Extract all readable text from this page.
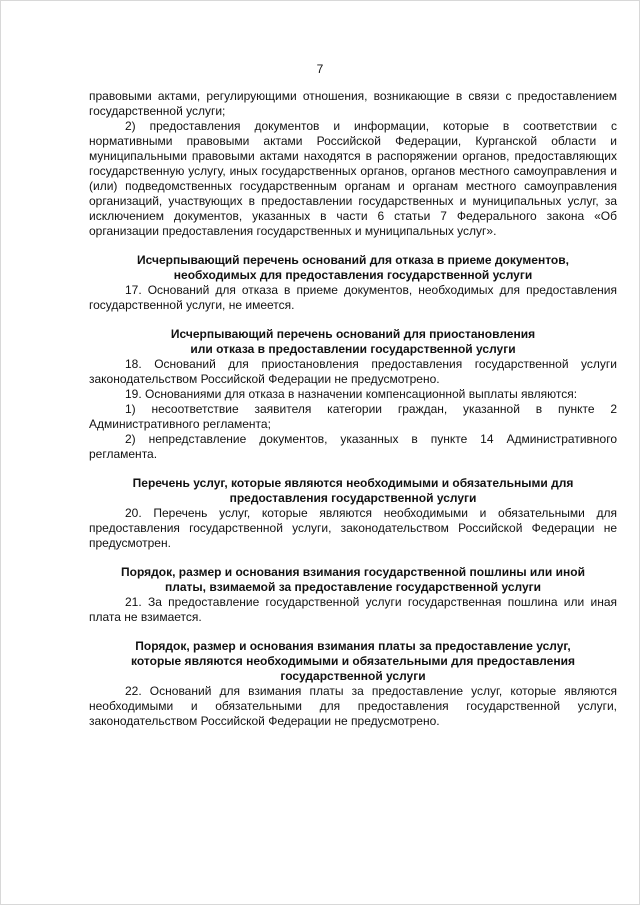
7

правовыми актами, регулирующими отношения, возникающие в связи с предоставлением государственной услуги;

2) предоставления документов и информации, которые в соответствии с нормативными правовыми актами Российской Федерации, Курганской области и муниципальными правовыми актами находятся в распоряжении органов, предоставляющих государственную услугу, иных государственных органов, органов местного самоуправления и (или) подведомственных государственным органам и органам местного самоуправления организаций, участвующих в предоставлении государственных и муниципальных услуг, за исключением документов, указанных в части 6 статьи 7 Федерального закона «Об организации предоставления государственных и муниципальных услуг».

Исчерпывающий перечень оснований для отказа в приеме документов,
необходимых для предоставления государственной услуги

17. Оснований для отказа в приеме документов, необходимых для предоставления государственной услуги, не имеется.

Исчерпывающий перечень оснований для приостановления
или отказа в предоставлении государственной услуги

18. Оснований для приостановления предоставления государственной услуги законодательством Российской Федерации не предусмотрено.

19. Основаниями для отказа в назначении компенсационной выплаты являются:

1) несоответствие заявителя категории граждан, указанной в пункте 2 Административного регламента;

2) непредставление документов, указанных в пункте 14 Административного регламента.

Перечень услуг, которые являются необходимыми и обязательными для
предоставления государственной услуги

20. Перечень услуг, которые являются необходимыми и обязательными для предоставления государственной услуги, законодательством Российской Федерации не предусмотрен.

Порядок, размер и основания взимания государственной пошлины или иной
платы, взимаемой за предоставление государственной услуги

21. За предоставление государственной услуги государственная пошлина или иная плата не взимается.

Порядок, размер и основания взимания платы за предоставление услуг,
которые являются необходимыми и обязательными для предоставления
государственной услуги

22. Оснований для взимания платы за предоставление услуг, которые являются необходимыми и обязательными для предоставления государственной услуги, законодательством Российской Федерации не предусмотрено.
